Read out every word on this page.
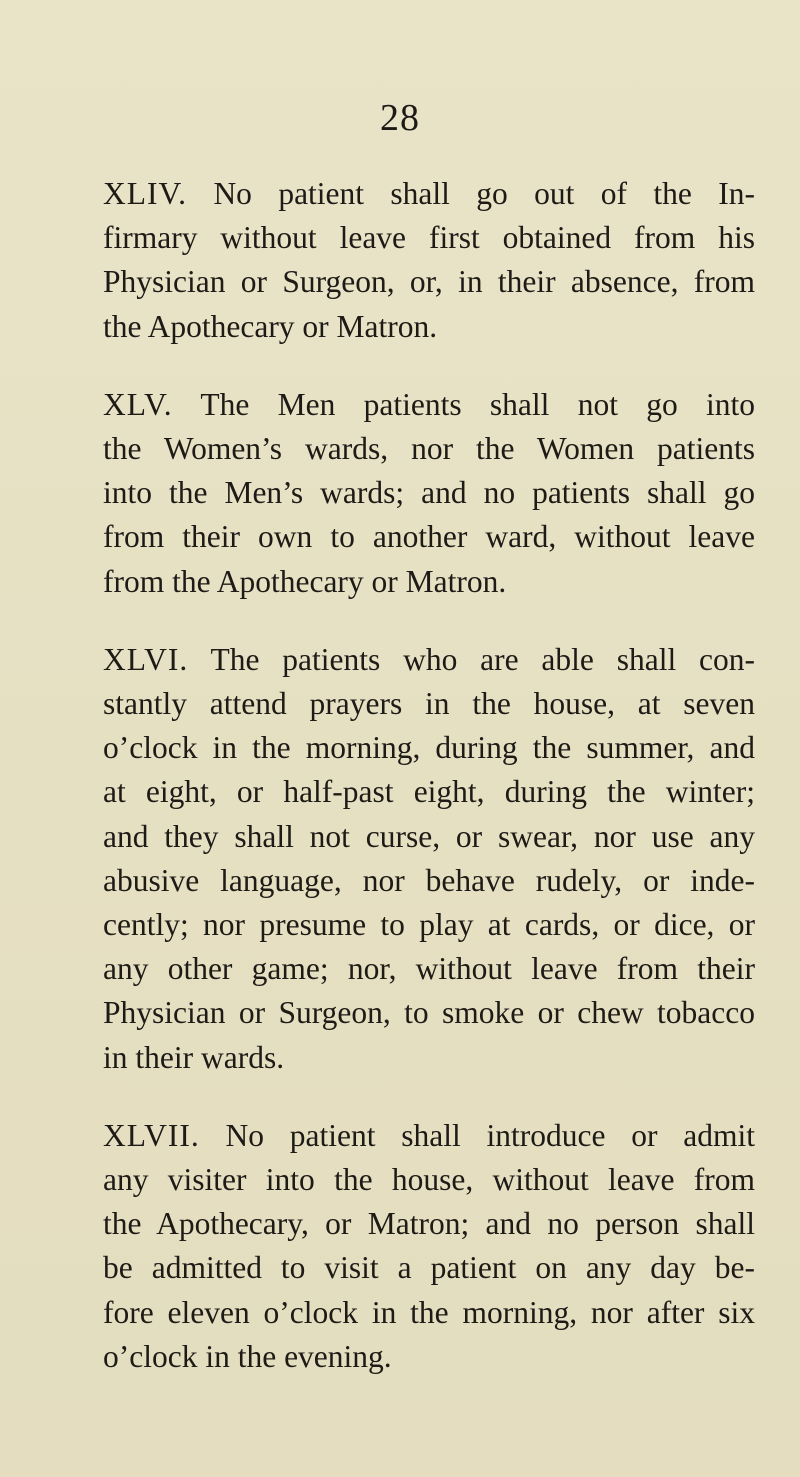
28
XLIV. No patient shall go out of the In-
firmary without leave first obtained from his
Physician or Surgeon, or, in their absence, from
the Apothecary or Matron.
XLV. The Men patients shall not go into
the Women’s wards, nor the Women patients
into the Men’s wards; and no patients shall go
from their own to another ward, without leave
from the Apothecary or Matron.
XLVI. The patients who are able shall con-
stantly attend prayers in the house, at seven
o’clock in the morning, during the summer, and
at eight, or half-past eight, during the winter;
and they shall not curse, or swear, nor use any
abusive language, nor behave rudely, or inde-
cently; nor presume to play at cards, or dice, or
any other game; nor, without leave from their
Physician or Surgeon, to smoke or chew tobacco
in their wards.
XLVII. No patient shall introduce or admit
any visiter into the house, without leave from
the Apothecary, or Matron; and no person shall
be admitted to visit a patient on any day be-
fore eleven o’clock in the morning, nor after six
o’clock in the evening.
